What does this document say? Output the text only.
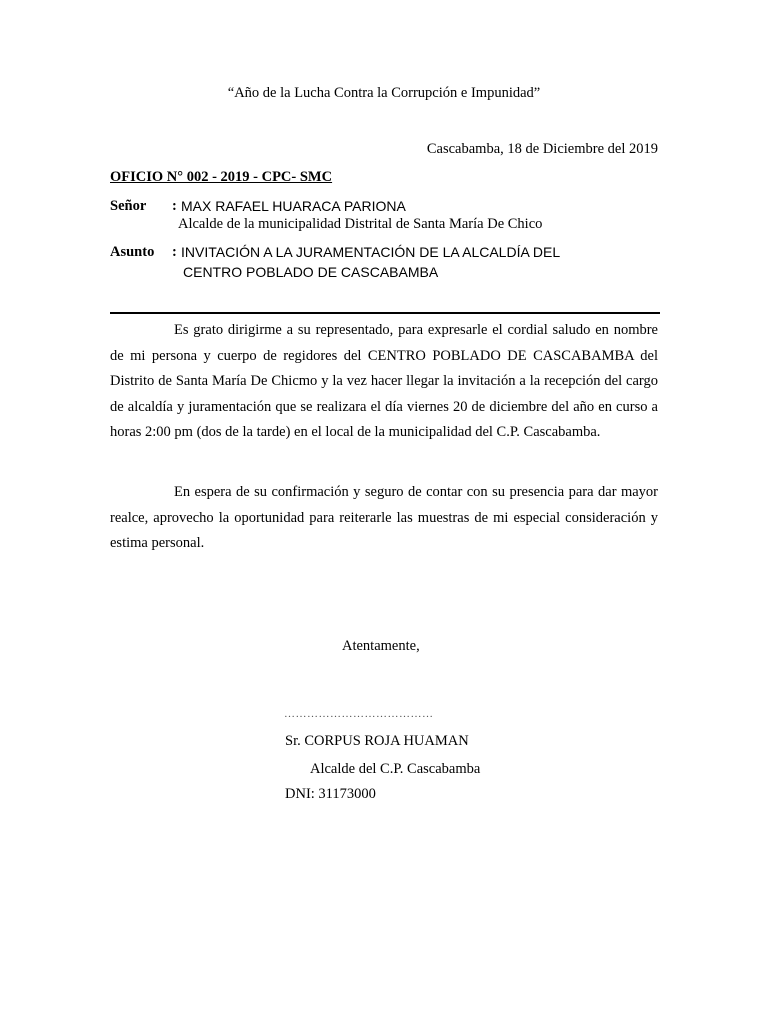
“Año de la Lucha Contra la Corrupción e Impunidad”
Cascabamba, 18 de Diciembre del 2019
OFICIO N° 002 - 2019 - CPC- SMC
Señor : MAX RAFAEL HUARACA PARIONA
Alcalde de la municipalidad Distrital de Santa María De Chico
Asunto : INVITACIÓN A LA JURAMENTACIÓN DE LA ALCALDÍA DEL
CENTRO POBLADO DE CASCABAMBA

Es grato dirigirme a su representado, para expresarle el cordial saludo en nombre de mi persona y cuerpo de regidores del CENTRO POBLADO DE CASCABAMBA del Distrito de Santa María De Chicmo y la vez hacer llegar la invitación a la recepción del cargo de alcaldía y juramentación que se realizara el día viernes 20 de diciembre del año en curso a horas 2:00 pm (dos de la tarde) en el local de la municipalidad del C.P. Cascabamba.

En espera de su confirmación y seguro de contar con su presencia para dar mayor realce, aprovecho la oportunidad para reiterarle las muestras de mi especial consideración y estima personal.

Atentamente,
…………………………………
Sr. CORPUS ROJA HUAMAN
Alcalde del C.P. Cascabamba
DNI: 31173000
